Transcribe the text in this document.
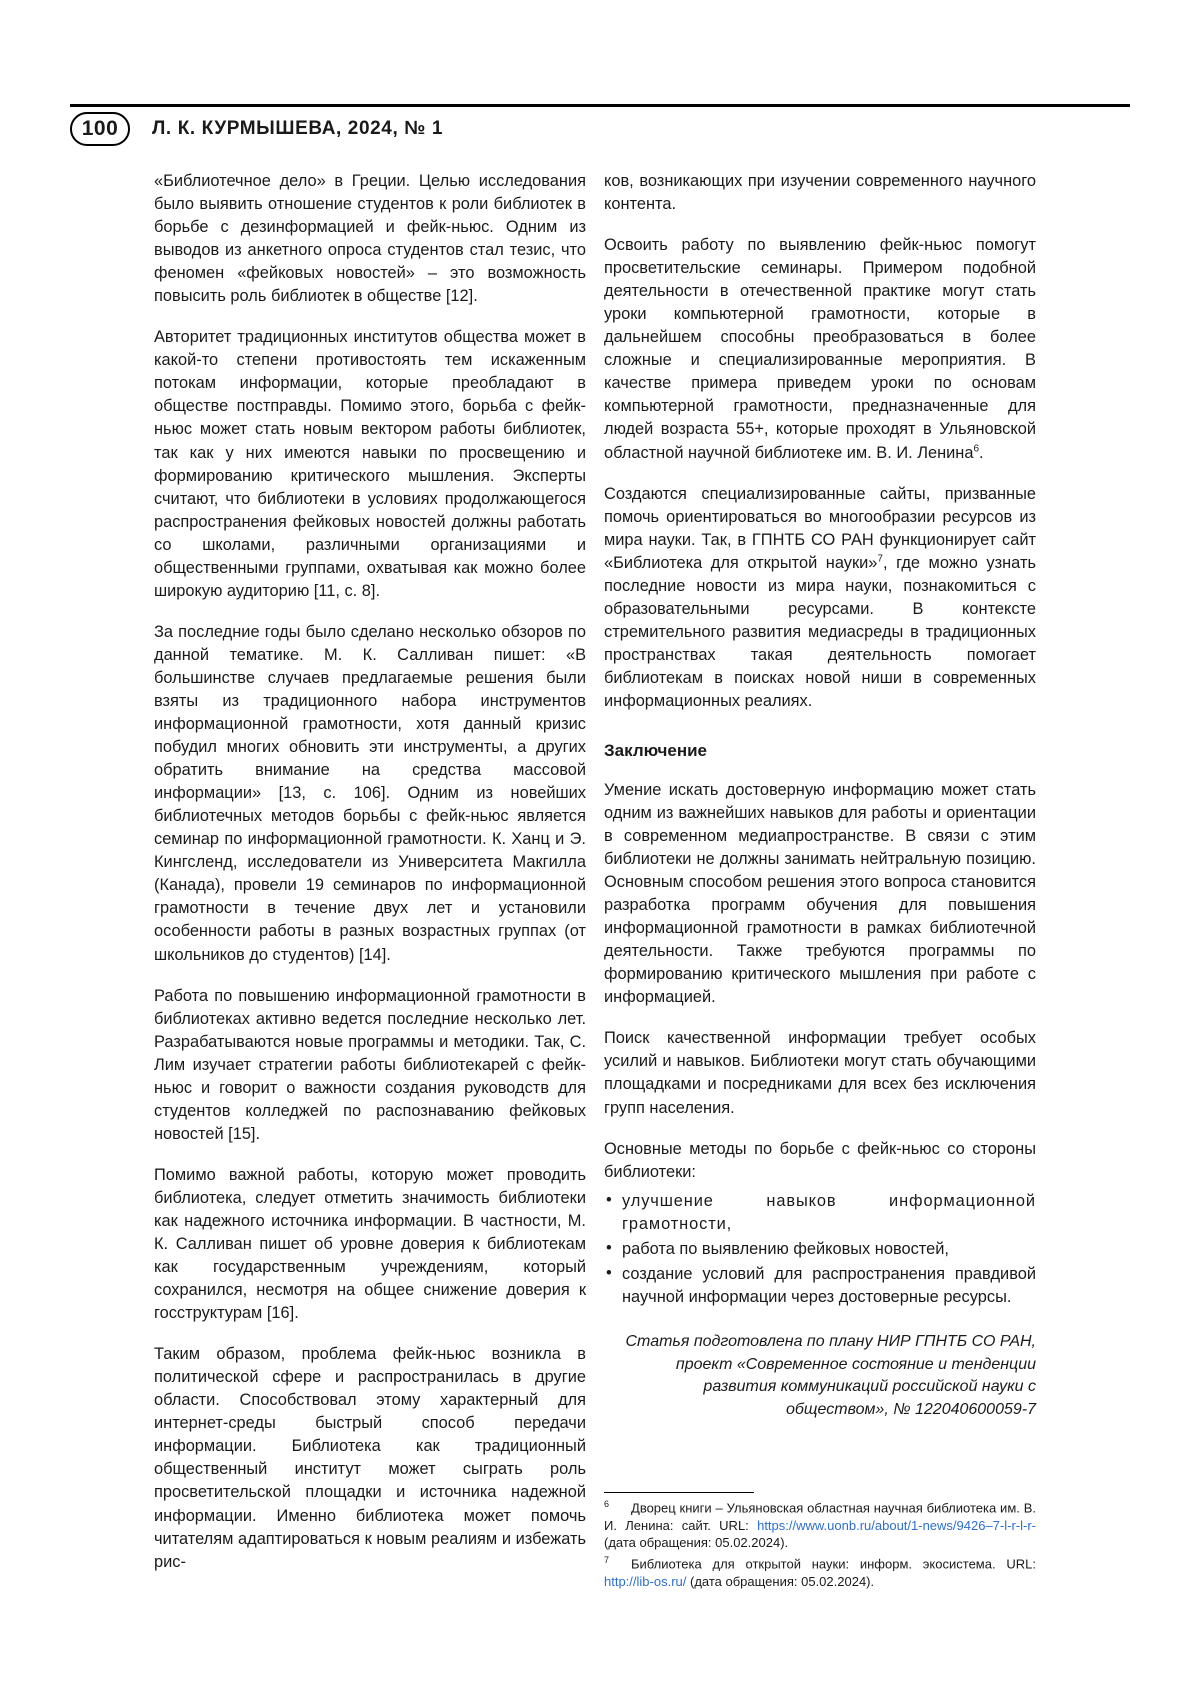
100	Л. К. КУРМЫШЕВА, 2024, № 1

«Библиотечное дело» в Греции. Целью исследования было выявить отношение студентов к роли библиотек в борьбе с дезинформацией и фейк-ньюс. Одним из выводов из анкетного опроса студентов стал тезис, что феномен «фейковых новостей» – это возможность повысить роль библиотек в обществе [12].

Авторитет традиционных институтов общества может в какой-то степени противостоять тем искаженным потокам информации, которые преобладают в обществе постправды. Помимо этого, борьба с фейк-ньюс может стать новым вектором работы библиотек, так как у них имеются навыки по просвещению и формированию критического мышления. Эксперты считают, что библиотеки в условиях продолжающегося распространения фейковых новостей должны работать со школами, различными организациями и общественными группами, охватывая как можно более широкую аудиторию [11, с. 8].

За последние годы было сделано несколько обзоров по данной тематике. М. К. Салливан пишет: «В большинстве случаев предлагаемые решения были взяты из традиционного набора инструментов информационной грамотности, хотя данный кризис побудил многих обновить эти инструменты, а других обратить внимание на средства массовой информации» [13, с. 106]. Одним из новейших библиотечных методов борьбы с фейк-ньюс является семинар по информационной грамотности. К. Ханц и Э. Кингсленд, исследователи из Университета Макгилла (Канада), провели 19 семинаров по информационной грамотности в течение двух лет и установили особенности работы в разных возрастных группах (от школьников до студентов) [14].

Работа по повышению информационной грамотности в библиотеках активно ведется последние несколько лет. Разрабатываются новые программы и методики. Так, С. Лим изучает стратегии работы библиотекарей с фейк-ньюс и говорит о важности создания руководств для студентов колледжей по распознаванию фейковых новостей [15].

Помимо важной работы, которую может проводить библиотека, следует отметить значимость библиотеки как надежного источника информации. В частности, М. К. Салливан пишет об уровне доверия к библиотекам как государственным учреждениям, который сохранился, несмотря на общее снижение доверия к госструктурам [16].

Таким образом, проблема фейк-ньюс возникла в политической сфере и распространилась в другие области. Способствовал этому характерный для интернет-среды быстрый способ передачи информации. Библиотека как традиционный общественный институт может сыграть роль просветительской площадки и источника надежной информации. Именно библиотека может помочь читателям адаптироваться к новым реалиям и избежать рис-

ков, возникающих при изучении современного научного контента.

Освоить работу по выявлению фейк-ньюс помогут просветительские семинары. Примером подобной деятельности в отечественной практике могут стать уроки компьютерной грамотности, которые в дальнейшем способны преобразоваться в более сложные и специализированные мероприятия. В качестве примера приведем уроки по основам компьютерной грамотности, предназначенные для людей возраста 55+, которые проходят в Ульяновской областной научной библиотеке им. В. И. Ленина$^6$.

Создаются специализированные сайты, призванные помочь ориентироваться во многообразии ресурсов из мира науки. Так, в ГПНТБ СО РАН функционирует сайт «Библиотека для открытой науки»$^7$, где можно узнать последние новости из мира науки, познакомиться с образовательными ресурсами. В контексте стремительного развития медиасреды в традиционных пространствах такая деятельность помогает библиотекам в поисках новой ниши в современных информационных реалиях.

Заключение

Умение искать достоверную информацию может стать одним из важнейших навыков для работы и ориентации в современном медиапространстве. В связи с этим библиотеки не должны занимать нейтральную позицию. Основным способом решения этого вопроса становится разработка программ обучения для повышения информационной грамотности в рамках библиотечной деятельности. Также требуются программы по формированию критического мышления при работе с информацией.

Поиск качественной информации требует особых усилий и навыков. Библиотеки могут стать обучающими площадками и посредниками для всех без исключения групп населения.

Основные методы по борьбе с фейк-ньюс со стороны библиотеки:

• улучшение навыков информационной грамотности,
• работа по выявлению фейковых новостей,
• создание условий для распространения правдивой научной информации через достоверные ресурсы.
Статья подготовлена по плану НИР ГПНТБ СО РАН, проект «Современное состояние и тенденции развития коммуникаций российской науки с обществом», № 122040600059-7
$^6$ Дворец книги – Ульяновская областная научная библиотека им. В. И. Ленина: сайт. URL: https://www.uonb.ru/about/1-news/9426–7-l-r-l-r- (дата обращения: 05.02.2024).
$^7$ Библиотека для открытой науки: информ. экосистема. URL: http://lib-os.ru/ (дата обращения: 05.02.2024).
